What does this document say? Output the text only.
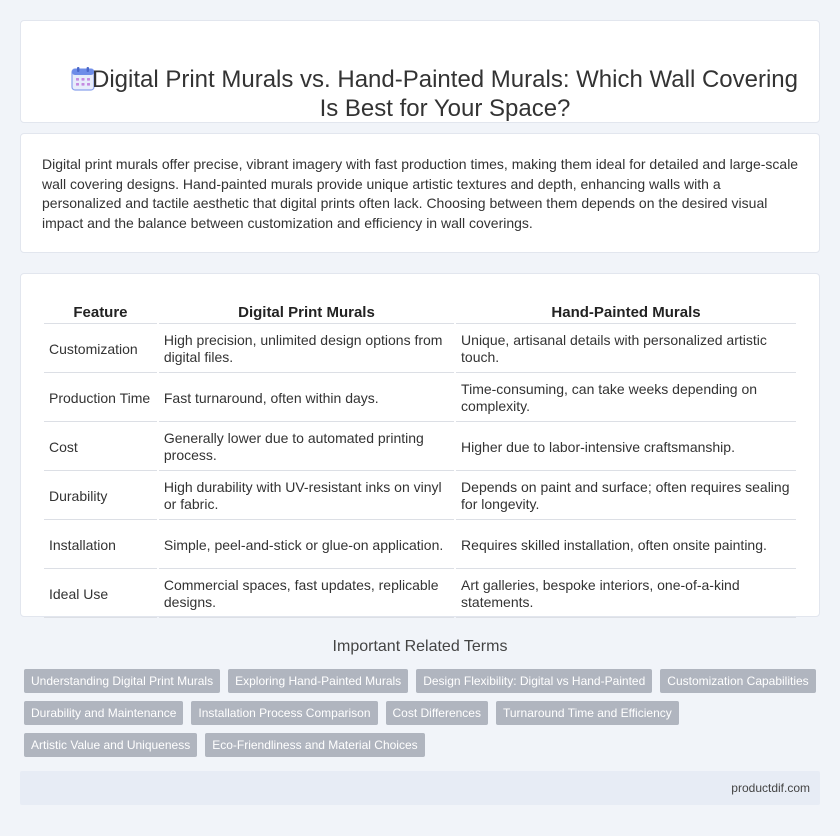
Digital Print Murals vs. Hand-Painted Murals: Which Wall Covering Is Best for Your Space?

Digital print murals offer precise, vibrant imagery with fast production times, making them ideal for detailed and large-scale wall covering designs. Hand-painted murals provide unique artistic textures and depth, enhancing walls with a personalized and tactile aesthetic that digital prints often lack. Choosing between them depends on the desired visual impact and the balance between customization and efficiency in wall coverings.

Feature	Digital Print Murals	Hand-Painted Murals
Customization	High precision, unlimited design options from digital files.	Unique, artisanal details with personalized artistic touch.
Production Time	Fast turnaround, often within days.	Time-consuming, can take weeks depending on complexity.
Cost	Generally lower due to automated printing process.	Higher due to labor-intensive craftsmanship.
Durability	High durability with UV-resistant inks on vinyl or fabric.	Depends on paint and surface; often requires sealing for longevity.
Installation	Simple, peel-and-stick or glue-on application.	Requires skilled installation, often onsite painting.
Ideal Use	Commercial spaces, fast updates, replicable designs.	Art galleries, bespoke interiors, one-of-a-kind statements.
Important Related Terms
Understanding Digital Print Murals	Exploring Hand-Painted Murals	Design Flexibility: Digital vs Hand-Painted	Customization Capabilities
Durability and Maintenance	Installation Process Comparison	Cost Differences	Turnaround Time and Efficiency
Artistic Value and Uniqueness	Eco-Friendliness and Material Choices
productdif.com
